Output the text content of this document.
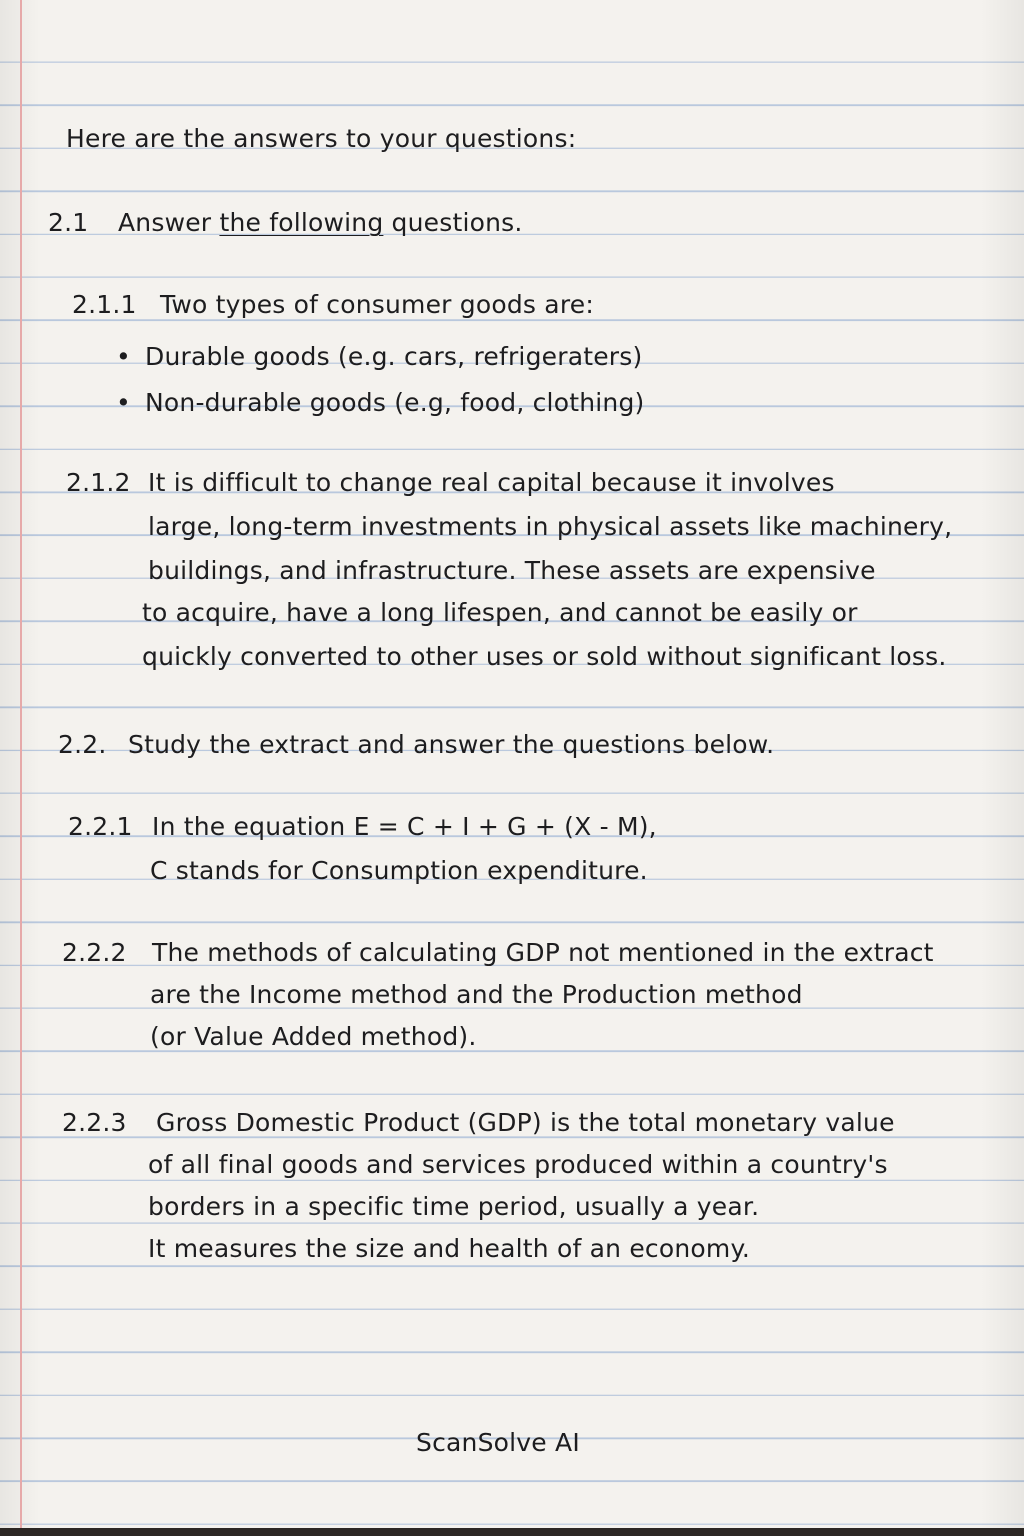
Here are the answers to your questions:

2.1 Answer the following questions.

2.1.1 Two types of consumer goods are:

• Durable goods (e.g. cars, refrigeraters)

• Non-durable goods (e.g, food, clothing)

2.1.2 It is difficult to change real capital because it involves

large, long-term investments in physical assets like machinery,

buildings, and infrastructure. These assets are expensive

to acquire, have a long lifespen, and cannot be easily or

quickly converted to other uses or sold without significant loss.

2.2. Study the extract and answer the questions below.

2.2.1 In the equation E = C + I + G + (X - M),

C stands for Consumption expenditure.

2.2.2 The methods of calculating GDP not mentioned in the extract

are the Income method and the Production method

(or Value Added method).

2.2.3 Gross Domestic Product (GDP) is the total monetary value

of all final goods and services produced within a country's

borders in a specific time period, usually a year.

It measures the size and health of an economy.

ScanSolve AI
